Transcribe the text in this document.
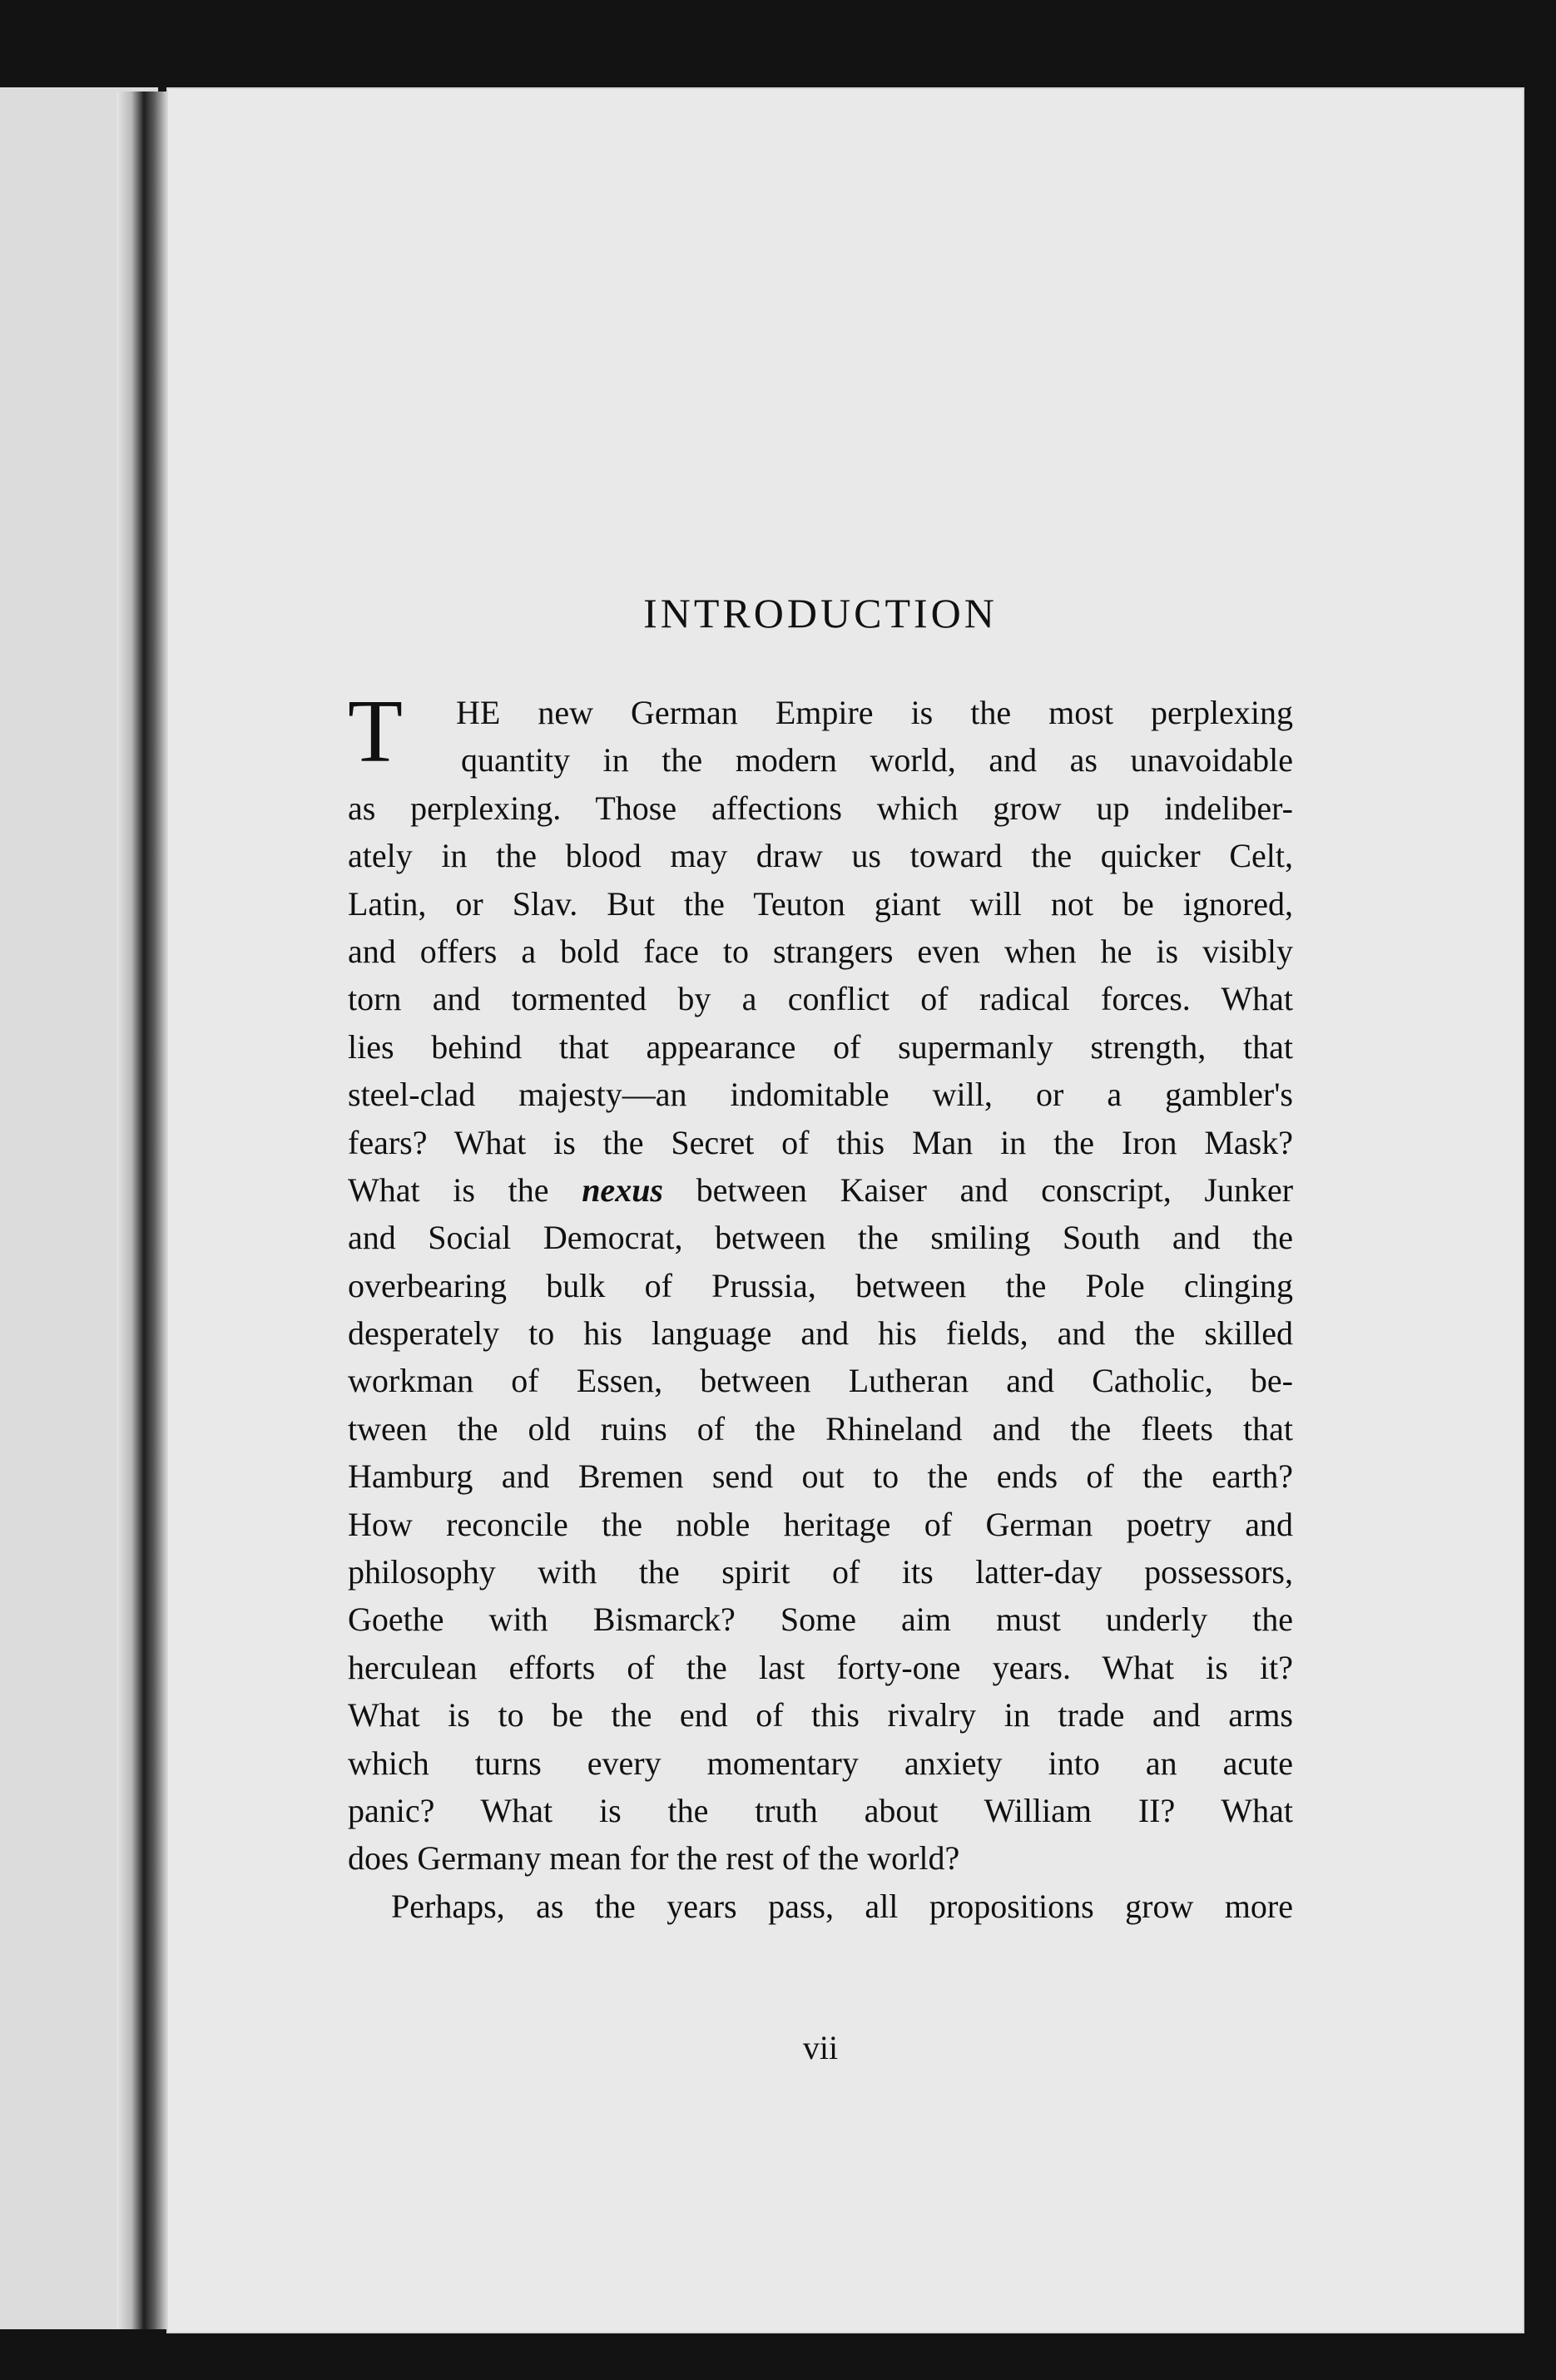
INTRODUCTION
T	HE new German Empire is the most perplexing
quantity in the modern world, and as unavoidable
as perplexing. Those affections which grow up indeliber-
ately in the blood may draw us toward the quicker Celt,
Latin, or Slav. But the Teuton giant will not be ignored,
and offers a bold face to strangers even when he is visibly
torn and tormented by a conflict of radical forces. What
lies behind that appearance of supermanly strength, that
steel-clad majesty—an indomitable will, or a gambler's
fears? What is the Secret of this Man in the Iron Mask?
What is the nexus between Kaiser and conscript, Junker
and Social Democrat, between the smiling South and the
overbearing bulk of Prussia, between the Pole clinging
desperately to his language and his fields, and the skilled
workman of Essen, between Lutheran and Catholic, be-
tween the old ruins of the Rhineland and the fleets that
Hamburg and Bremen send out to the ends of the earth?
How reconcile the noble heritage of German poetry and
philosophy with the spirit of its latter-day possessors,
Goethe with Bismarck? Some aim must underly the
herculean efforts of the last forty-one years. What is it?
What is to be the end of this rivalry in trade and arms
which turns every momentary anxiety into an acute
panic? What is the truth about William II? What
does Germany mean for the rest of the world?
Perhaps, as the years pass, all propositions grow more
vii
